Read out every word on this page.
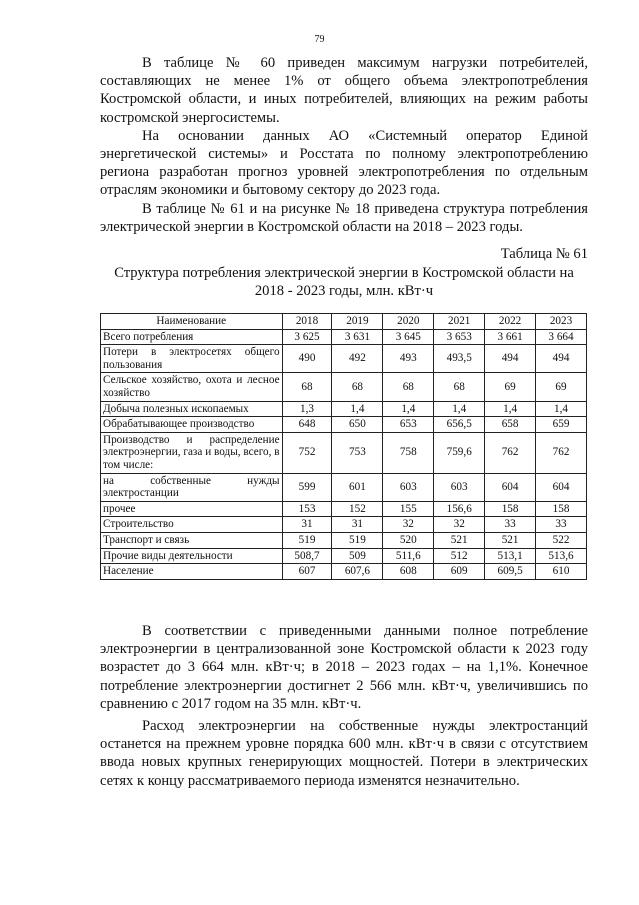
79

В таблице № 60 приведен максимум нагрузки потребителей, составляющих не менее 1% от общего объема электропотребления Костромской области, и иных потребителей, влияющих на режим работы костромской энергосистемы.

На основании данных АО «Системный оператор Единой энергетической системы» и Росстата по полному электропотреблению региона разработан прогноз уровней электропотребления по отдельным отраслям экономики и бытовому сектору до 2023 года.

В таблице № 61 и на рисунке № 18 приведена структура потребления электрической энергии в Костромской области на 2018 – 2023 годы.

Таблица № 61
Структура потребления электрической энергии в Костромской области на 2018 - 2023 годы, млн. кВт·ч
Наименование	2018	2019	2020	2021	2022	2023
Всего потребления	3 625	3 631	3 645	3 653	3 661	3 664
Потери в электросетях общего пользования	490	492	493	493,5	494	494
Сельское хозяйство, охота и лесное хозяйство	68	68	68	68	69	69
Добыча полезных ископаемых	1,3	1,4	1,4	1,4	1,4	1,4
Обрабатывающее производство	648	650	653	656,5	658	659
Производство и распределение электроэнергии, газа и воды, всего, в том числе:	752	753	758	759,6	762	762
на собственные нужды электростанции	599	601	603	603	604	604
прочее	153	152	155	156,6	158	158
Строительство	31	31	32	32	33	33
Транспорт и связь	519	519	520	521	521	522
Прочие виды деятельности	508,7	509	511,6	512	513,1	513,6
Население	607	607,6	608	609	609,5	610

В соответствии с приведенными данными полное потребление электроэнергии в централизованной зоне Костромской области к 2023 году возрастет до 3 664 млн. кВт·ч; в 2018 – 2023 годах – на 1,1%. Конечное потребление электроэнергии достигнет 2 566 млн. кВт·ч, увеличившись по сравнению с 2017 годом на 35 млн. кВт·ч.

Расход электроэнергии на собственные нужды электростанций останется на прежнем уровне порядка 600 млн. кВт·ч в связи с отсутствием ввода новых крупных генерирующих мощностей. Потери в электрических сетях к концу рассматриваемого периода изменятся незначительно.
